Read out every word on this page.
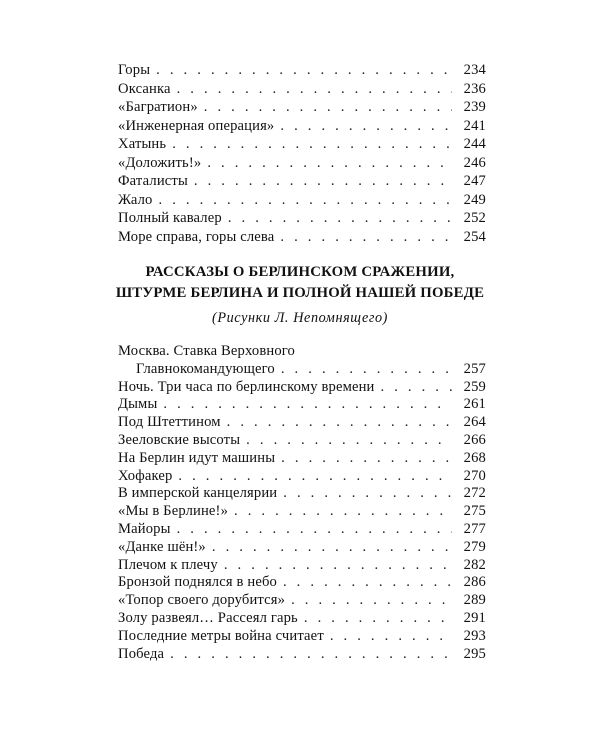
Горы . . .	234
Оксанка . . .	236
«Багратион» . . .	239
«Инженерная операция» . . .	241
Хатынь . . .	244
«Доложить!» . . .	246
Фаталисты . . .	247
Жало . . .	249
Полный кавалер . . .	252
Море справа, горы слева . . .	254
РАССКАЗЫ О БЕРЛИНСКОМ СРАЖЕНИИ,
ШТУРМЕ БЕРЛИНА И ПОЛНОЙ НАШЕЙ ПОБЕДЕ
(Рисунки Л. Непомнящего)
Москва. Ставка Верховного
Главнокомандующего . . .	257
Ночь. Три часа по берлинскому времени . . .	259
Дымы . . .	261
Под Штеттином . . .	264
Зееловские высоты . . .	266
На Берлин идут машины . . .	268
Хофакер . . .	270
В имперской канцелярии . . .	272
«Мы в Берлине!» . . .	275
Майоры . . .	277
«Данке шён!» . . .	279
Плечом к плечу . . .	282
Бронзой поднялся в небо . . .	286
«Топор своего дорубится» . . .	289
Золу развеял… Рассеял гарь . . .	291
Последние метры война считает . . .	293
Победа . . .	295
